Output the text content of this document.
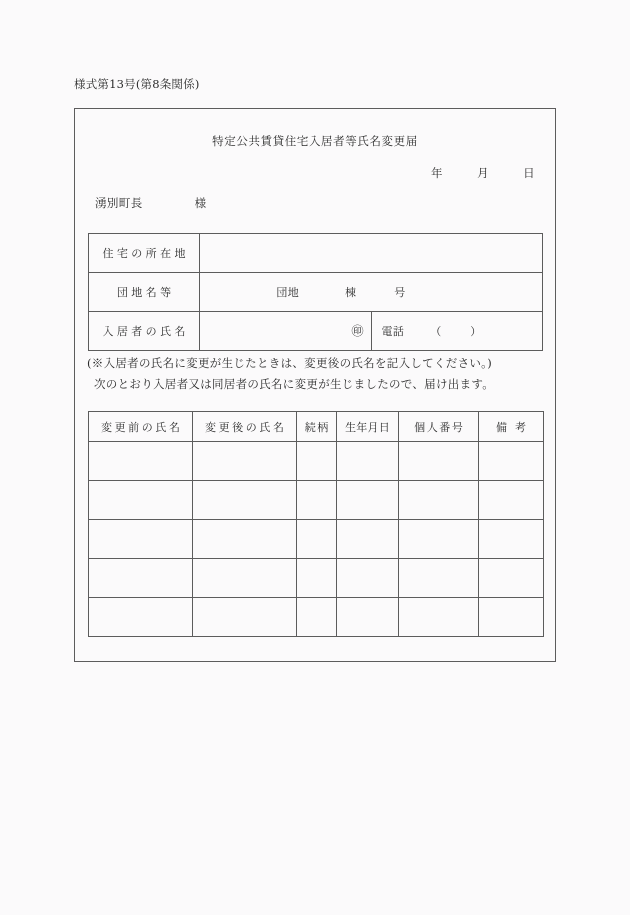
様式第13号(第8条関係)
特定公共賃貸住宅入居者等氏名変更届
年	月	日
湧別町長	様
住宅の所在地		
団地名等	団地 棟 号	

入居者の氏名	㊞	電話 （　）
(※入居者の氏名に変更が生じたときは、変更後の氏名を記入してください。)
次のとおり入居者又は同居者の氏名に変更が生じましたので、届け出ます。
変更前の氏名	変更後の氏名	続柄	生年月日	個人番号	備考
